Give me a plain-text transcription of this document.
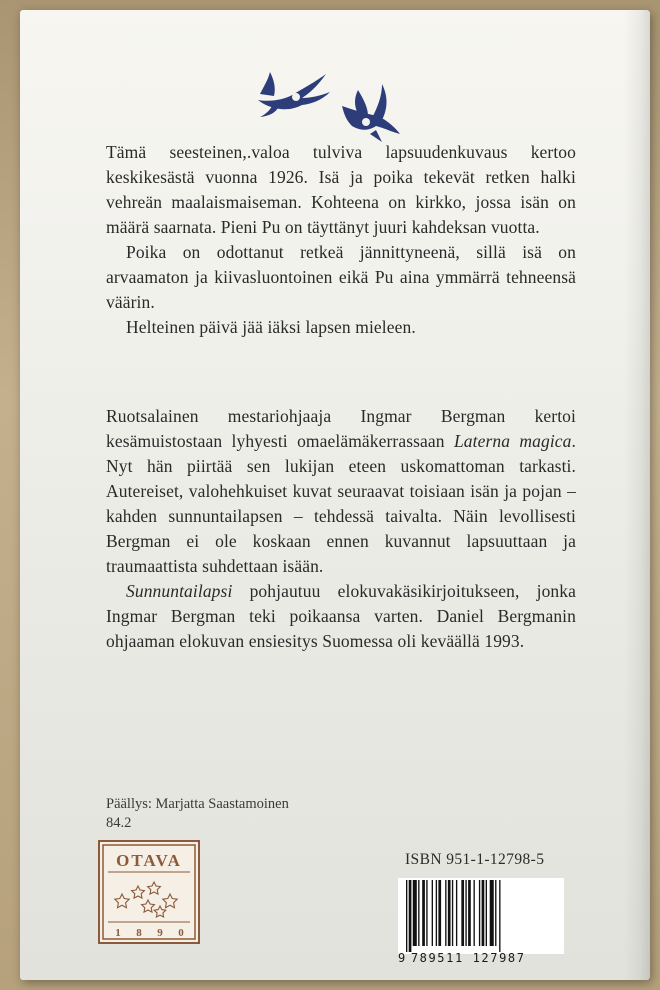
Tämä seesteinen,.valoa tulviva lapsuudenkuvaus kertoo keskikesästä vuonna 1926. Isä ja poika tekevät retken halki vehreän maalaismaiseman. Kohteena on kirkko, jossa isän on määrä saarnata. Pieni Pu on täyttänyt juuri kahdeksan vuotta.

Poika on odottanut retkeä jännittyneenä, sillä isä on arvaamaton ja kiivasluontoinen eikä Pu aina ymmärrä tehneensä väärin.

Helteinen päivä jää iäksi lapsen mieleen.

Ruotsalainen mestariohjaaja Ingmar Bergman kertoi kesämuistostaan lyhyesti omaelämäkerrassaan Laterna magica. Nyt hän piirtää sen lukijan eteen uskomattoman tarkasti. Autereiset, valohehkuiset kuvat seuraavat toisiaan isän ja pojan – kahden sunnuntailapsen – tehdessä taivalta. Näin levollisesti Bergman ei ole koskaan ennen kuvannut lapsuuttaan ja traumaattista suhdettaan isään.

Sunnuntailapsi pohjautuu elokuvakäsikirjoitukseen, jonka Ingmar Bergman teki poikaansa varten. Daniel Bergmanin ohjaaman elokuvan ensiesitys Suomessa oli keväällä 1993.

Päällys: Marjatta Saastamoinen
84.2
OTAVA
1 8 9 0
ISBN 951-1-12798-5
9 789511 127987
